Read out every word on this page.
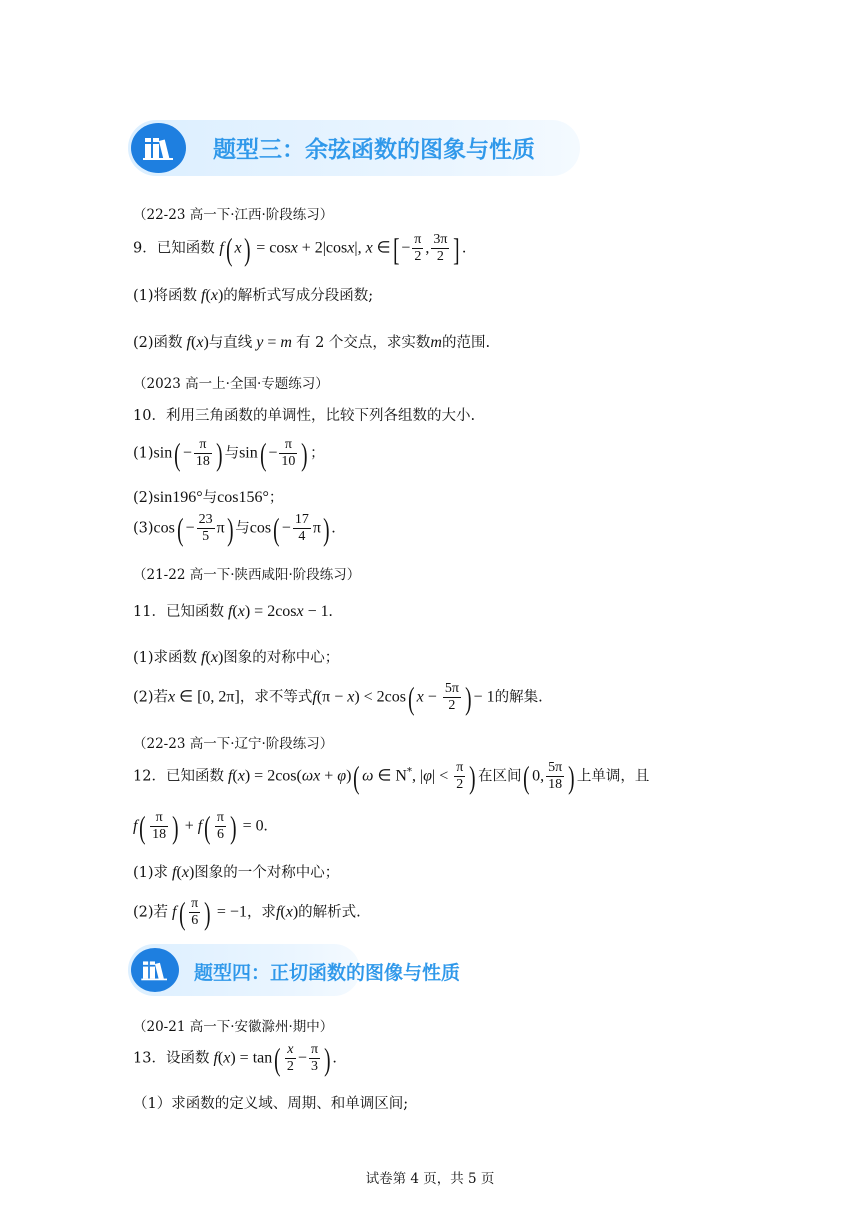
题型三：余弦函数的图象与性质
（22-23 高一下·江西·阶段练习）
9．已知函数 f( x) = cosx + 2|cosx|, x ∈[ − $\frac{\pi}{2}$ , $\frac{3\pi}{2}$ ] .
(1)将函数 f(x)的解析式写成分段函数;
(2)函数 f(x)与直线 y = m 有 2 个交点，求实数m的范围.
（2023 高一上·全国·专题练习）
10．利用三角函数的单调性，比较下列各组数的大小.
$(1)\sin( - \frac{\pi}{18}$ ) 与$\sin( - \frac{\pi}{10}$ ) ；
(2)sin196°与cos156°；
$(3)\cos( - \frac{23}{5} \pi)$ 与$\cos( - \frac{17}{4} \pi)$ .
（21-22 高一下·陕西咸阳·阶段练习）
11．已知函数 f(x) = 2cosx − 1.
(1)求函数 f(x)图象的对称中心；
(2)若x ∈ [0, 2π]，求不等式f(π − x) < 2cos( $x - \frac{5\pi}{2}$ ) − 1的解集.
（22-23 高一下·辽宁·阶段练习）
12．已知函数 f(x) = 2cos(ωx + φ)( ω ∈ N*, $|\varphi| < \frac{\pi}{2}$ ) 在区间( 0, $\frac{5\pi}{18}$ ) 上单调，且
$f( \frac{\pi}{18}$ ) + $f( \frac{\pi}{6}$ ) = 0.
(1)求 f(x)图象的一个对称中心；
(2)若 $f( \frac{\pi}{6}$ ) = −1，求f(x)的解析式.
题型四：正切函数的图像与性质
（20-21 高一下·安徽滁州·期中）
13．设函数 $f(x) = \tan( \frac{x}{2} - \frac{\pi}{3}$ ) .
（1）求函数的定义域、周期、和单调区间;
试卷第 4 页，共 5 页
